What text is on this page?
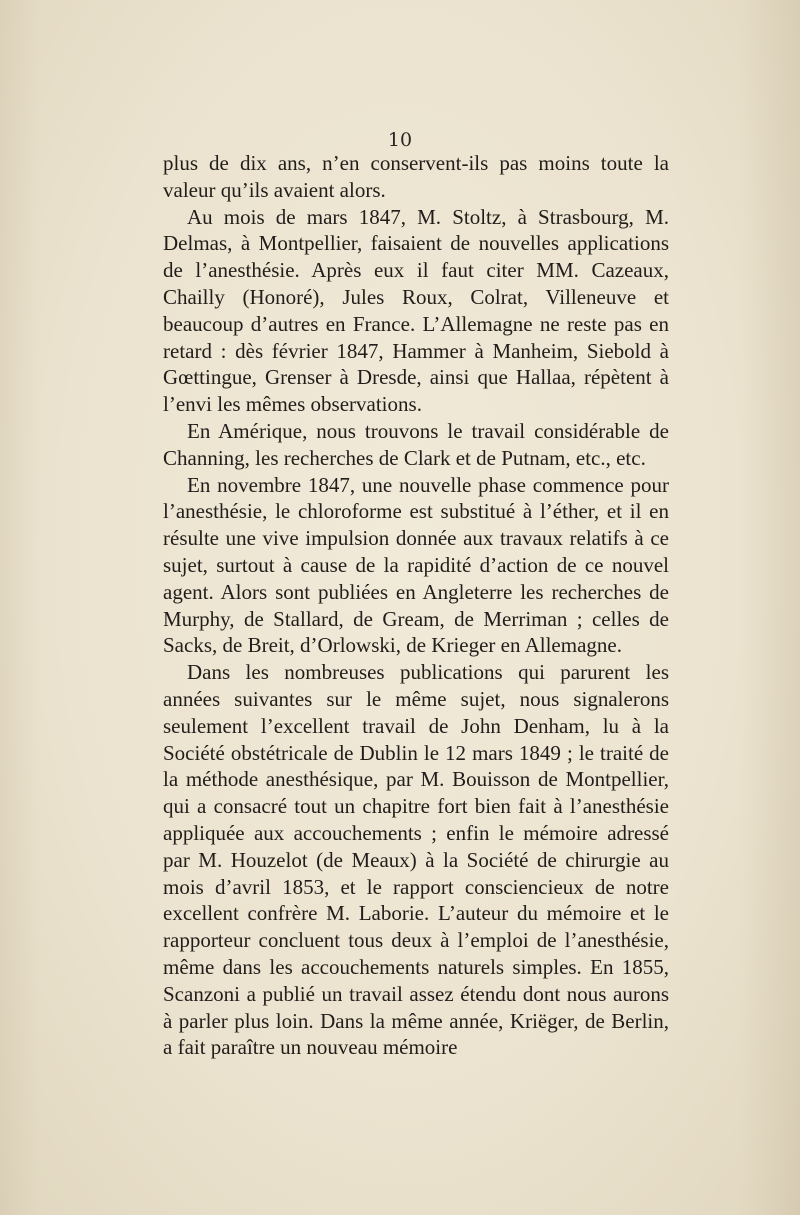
10

plus de dix ans, n’en conservent-ils pas moins toute la valeur qu’ils avaient alors.

Au mois de mars 1847, M. Stoltz, à Strasbourg, M. Delmas, à Montpellier, faisaient de nouvelles applications de l’anesthésie. Après eux il faut citer MM. Cazeaux, Chailly (Honoré), Jules Roux, Colrat, Villeneuve et beaucoup d’autres en France. L’Allemagne ne reste pas en retard : dès février 1847, Hammer à Manheim, Siebold à Gœttingue, Grenser à Dresde, ainsi que Hallaa, répètent à l’envi les mêmes observations.

En Amérique, nous trouvons le travail considérable de Channing, les recherches de Clark et de Putnam, etc., etc.

En novembre 1847, une nouvelle phase commence pour l’anesthésie, le chloroforme est substitué à l’éther, et il en résulte une vive impulsion donnée aux travaux relatifs à ce sujet, surtout à cause de la rapidité d’action de ce nouvel agent. Alors sont publiées en Angleterre les recherches de Murphy, de Stallard, de Gream, de Merriman ; celles de Sacks, de Breit, d’Orlowski, de Krieger en Allemagne.

Dans les nombreuses publications qui parurent les années suivantes sur le même sujet, nous signalerons seulement l’excellent travail de John Denham, lu à la Société obstétricale de Dublin le 12 mars 1849 ; le traité de la méthode anesthésique, par M. Bouisson de Montpellier, qui a consacré tout un chapitre fort bien fait à l’anesthésie appliquée aux accouchements ; enfin le mémoire adressé par M. Houzelot (de Meaux) à la Société de chirurgie au mois d’avril 1853, et le rapport consciencieux de notre excellent confrère M. Laborie. L’auteur du mémoire et le rapporteur concluent tous deux à l’emploi de l’anesthésie, même dans les accouchements naturels simples. En 1855, Scanzoni a publié un travail assez étendu dont nous aurons à parler plus loin. Dans la même année, Kriëger, de Berlin, a fait paraître un nouveau mémoire
